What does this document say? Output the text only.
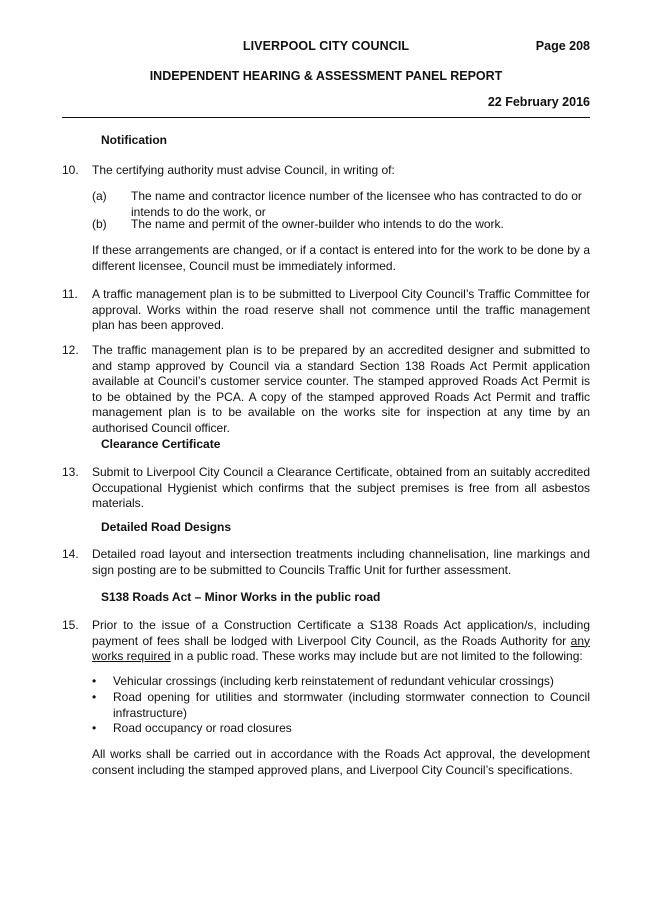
LIVERPOOL CITY COUNCIL	Page 208
INDEPENDENT HEARING & ASSESSMENT PANEL REPORT
22 February 2016
Notification
10. The certifying authority must advise Council, in writing of:
(a) The name and contractor licence number of the licensee who has contracted to do or intends to do the work, or
(b) The name and permit of the owner-builder who intends to do the work.
If these arrangements are changed, or if a contact is entered into for the work to be done by a different licensee, Council must be immediately informed.
11. A traffic management plan is to be submitted to Liverpool City Council’s Traffic Committee for approval. Works within the road reserve shall not commence until the traffic management plan has been approved.
12. The traffic management plan is to be prepared by an accredited designer and submitted to and stamp approved by Council via a standard Section 138 Roads Act Permit application available at Council’s customer service counter. The stamped approved Roads Act Permit is to be obtained by the PCA. A copy of the stamped approved Roads Act Permit and traffic management plan is to be available on the works site for inspection at any time by an authorised Council officer.
Clearance Certificate
13. Submit to Liverpool City Council a Clearance Certificate, obtained from an suitably accredited Occupational Hygienist which confirms that the subject premises is free from all asbestos materials.
Detailed Road Designs
14. Detailed road layout and intersection treatments including channelisation, line markings and sign posting are to be submitted to Councils Traffic Unit for further assessment.
S138 Roads Act – Minor Works in the public road
15. Prior to the issue of a Construction Certificate a S138 Roads Act application/s, including payment of fees shall be lodged with Liverpool City Council, as the Roads Authority for any works required in a public road. These works may include but are not limited to the following:
• Vehicular crossings (including kerb reinstatement of redundant vehicular crossings)
• Road opening for utilities and stormwater (including stormwater connection to Council infrastructure)
• Road occupancy or road closures
All works shall be carried out in accordance with the Roads Act approval, the development consent including the stamped approved plans, and Liverpool City Council’s specifications.
